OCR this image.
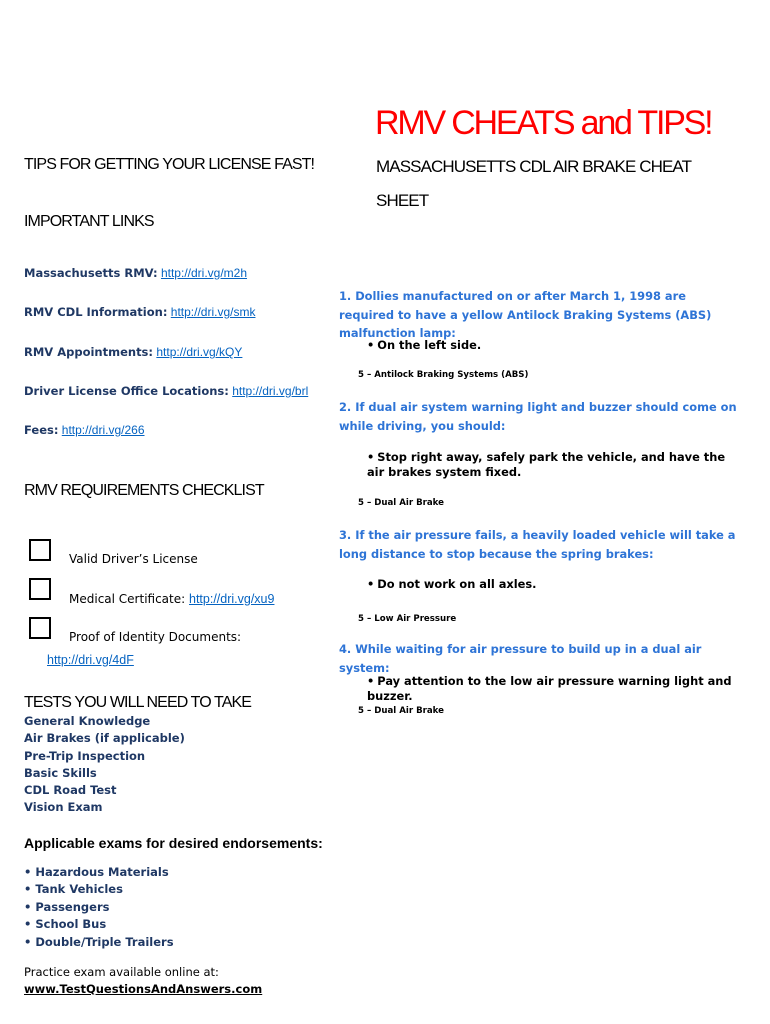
RMV CHEATS and TIPS!
MASSACHUSETTS CDL AIR BRAKE CHEAT SHEET
TIPS FOR GETTING YOUR LICENSE FAST!
IMPORTANT LINKS
Massachusetts RMV: http://dri.vg/m2h
RMV CDL Information: http://dri.vg/smk
RMV Appointments: http://dri.vg/kQY
Driver License Office Locations: http://dri.vg/brl
Fees: http://dri.vg/266
RMV REQUIREMENTS CHECKLIST
Valid Driver’s License
Medical Certificate: http://dri.vg/xu9
Proof of Identity Documents:
http://dri.vg/4dF
TESTS YOU WILL NEED TO TAKE
General Knowledge
Air Brakes (if applicable)
Pre-Trip Inspection
Basic Skills
CDL Road Test
Vision Exam
Applicable exams for desired endorsements:
• Hazardous Materials
• Tank Vehicles
• Passengers
• School Bus
• Double/Triple Trailers
Practice exam available online at:
www.TestQuestionsAndAnswers.com
1. Dollies manufactured on or after March 1, 1998 are required to have a yellow Antilock Braking Systems (ABS) malfunction lamp:
• On the left side.
5 – Antilock Braking Systems (ABS)
2. If dual air system warning light and buzzer should come on while driving, you should:
• Stop right away, safely park the vehicle, and have the air brakes system fixed.
5 – Dual Air Brake
3. If the air pressure fails, a heavily loaded vehicle will take a long distance to stop because the spring brakes:
• Do not work on all axles.
5 – Low Air Pressure
4. While waiting for air pressure to build up in a dual air system:
• Pay attention to the low air pressure warning light and buzzer.
5 – Dual Air Brake
